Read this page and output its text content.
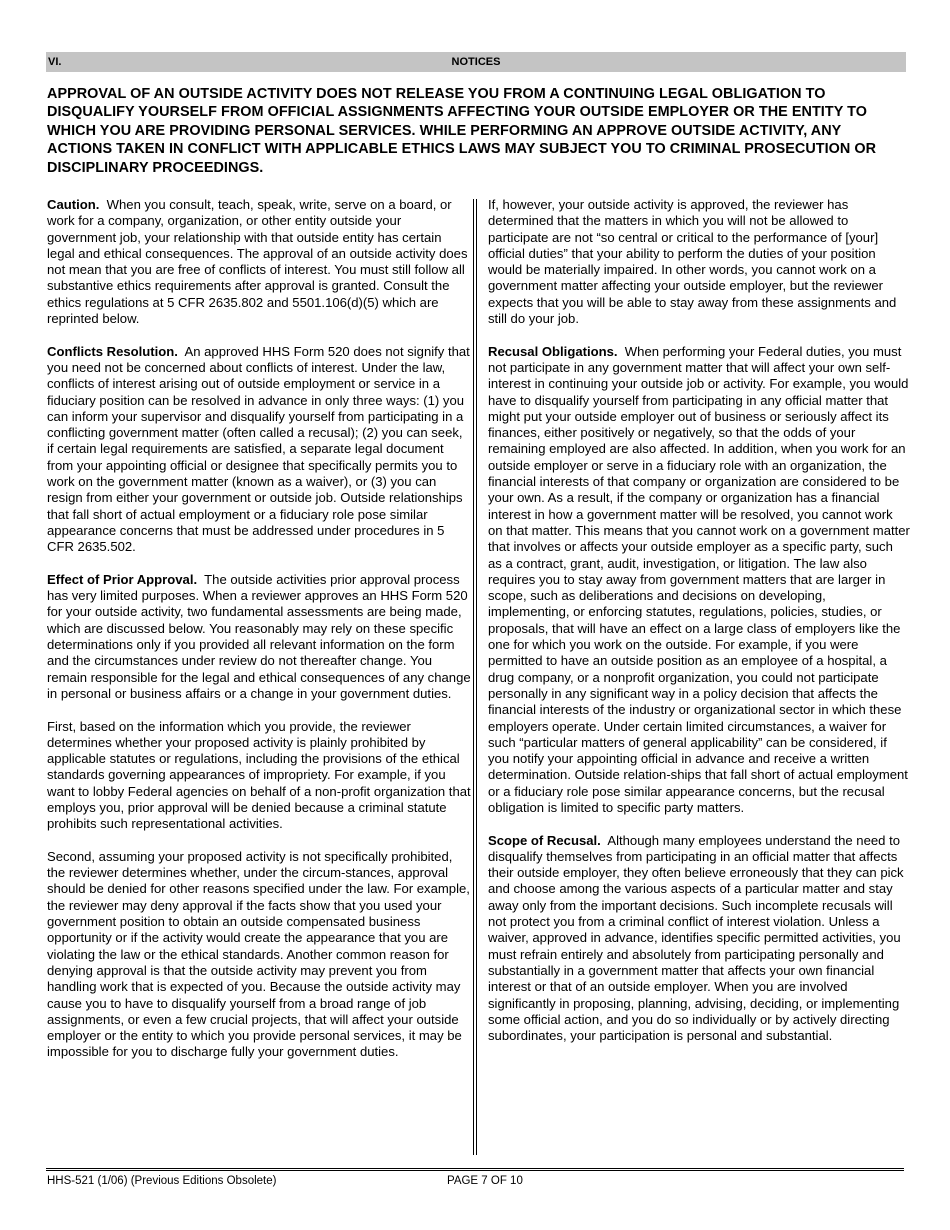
VI.	NOTICES

APPROVAL OF AN OUTSIDE ACTIVITY DOES NOT RELEASE YOU FROM A CONTINUING LEGAL OBLIGATION TO DISQUALIFY YOURSELF FROM OFFICIAL ASSIGNMENTS AFFECTING YOUR OUTSIDE EMPLOYER OR THE ENTITY TO WHICH YOU ARE PROVIDING PERSONAL SERVICES. WHILE PERFORMING AN APPROVE OUTSIDE ACTIVITY, ANY ACTIONS TAKEN IN CONFLICT WITH APPLICABLE ETHICS LAWS MAY SUBJECT YOU TO CRIMINAL PROSECUTION OR DISCIPLINARY PROCEEDINGS.

Caution. When you consult, teach, speak, write, serve on a board, or work for a company, organization, or other entity outside your government job, your relationship with that outside entity has certain legal and ethical consequences. The approval of an outside activity does not mean that you are free of conflicts of interest. You must still follow all substantive ethics requirements after approval is granted. Consult the ethics regulations at 5 CFR 2635.802 and 5501.106(d)(5) which are reprinted below.

Conflicts Resolution. An approved HHS Form 520 does not signify that you need not be concerned about conflicts of interest. Under the law, conflicts of interest arising out of outside employment or service in a fiduciary position can be resolved in advance in only three ways: (1) you can inform your supervisor and disqualify yourself from participating in a conflicting government matter (often called a recusal); (2) you can seek, if certain legal requirements are satisfied, a separate legal document from your appointing official or designee that specifically permits you to work on the government matter (known as a waiver), or (3) you can resign from either your government or outside job. Outside relationships that fall short of actual employment or a fiduciary role pose similar appearance concerns that must be addressed under procedures in 5 CFR 2635.502.

Effect of Prior Approval. The outside activities prior approval process has very limited purposes. When a reviewer approves an HHS Form 520 for your outside activity, two fundamental assessments are being made, which are discussed below. You reasonably may rely on these specific determinations only if you provided all relevant information on the form and the circumstances under review do not thereafter change. You remain responsible for the legal and ethical consequences of any change in personal or business affairs or a change in your government duties.

First, based on the information which you provide, the reviewer determines whether your proposed activity is plainly prohibited by applicable statutes or regulations, including the provisions of the ethical standards governing appearances of impropriety. For example, if you want to lobby Federal agencies on behalf of a non-profit organization that employs you, prior approval will be denied because a criminal statute prohibits such representational activities.

Second, assuming your proposed activity is not specifically prohibited, the reviewer determines whether, under the circum-stances, approval should be denied for other reasons specified under the law. For example, the reviewer may deny approval if the facts show that you used your government position to obtain an outside compensated business opportunity or if the activity would create the appearance that you are violating the law or the ethical standards. Another common reason for denying approval is that the outside activity may prevent you from handling work that is expected of you. Because the outside activity may cause you to have to disqualify yourself from a broad range of job assignments, or even a few crucial projects, that will affect your outside employer or the entity to which you provide personal services, it may be impossible for you to discharge fully your government duties.

If, however, your outside activity is approved, the reviewer has determined that the matters in which you will not be allowed to participate are not “so central or critical to the performance of [your] official duties” that your ability to perform the duties of your position would be materially impaired. In other words, you cannot work on a government matter affecting your outside employer, but the reviewer expects that you will be able to stay away from these assignments and still do your job.

Recusal Obligations. When performing your Federal duties, you must not participate in any government matter that will affect your own self-interest in continuing your outside job or activity. For example, you would have to disqualify yourself from participating in any official matter that might put your outside employer out of business or seriously affect its finances, either positively or negatively, so that the odds of your remaining employed are also affected. In addition, when you work for an outside employer or serve in a fiduciary role with an organization, the financial interests of that company or organization are considered to be your own. As a result, if the company or organization has a financial interest in how a government matter will be resolved, you cannot work on that matter. This means that you cannot work on a government matter that involves or affects your outside employer as a specific party, such as a contract, grant, audit, investigation, or litigation. The law also requires you to stay away from government matters that are larger in scope, such as deliberations and decisions on developing, implementing, or enforcing statutes, regulations, policies, studies, or proposals, that will have an effect on a large class of employers like the one for which you work on the outside. For example, if you were permitted to have an outside position as an employee of a hospital, a drug company, or a nonprofit organization, you could not participate personally in any significant way in a policy decision that affects the financial interests of the industry or organizational sector in which these employers operate. Under certain limited circumstances, a waiver for such “particular matters of general applicability” can be considered, if you notify your appointing official in advance and receive a written determination. Outside relation-ships that fall short of actual employment or a fiduciary role pose similar appearance concerns, but the recusal obligation is limited to specific party matters.

Scope of Recusal. Although many employees understand the need to disqualify themselves from participating in an official matter that affects their outside employer, they often believe erroneously that they can pick and choose among the various aspects of a particular matter and stay away only from the important decisions. Such incomplete recusals will not protect you from a criminal conflict of interest violation. Unless a waiver, approved in advance, identifies specific permitted activities, you must refrain entirely and absolutely from participating personally and substantially in a government matter that affects your own financial interest or that of an outside employer. When you are involved significantly in proposing, planning, advising, deciding, or implementing some official action, and you do so individually or by actively directing subordinates, your participation is personal and substantial.

HHS-521 (1/06) (Previous Editions Obsolete)	PAGE 7 OF 10
